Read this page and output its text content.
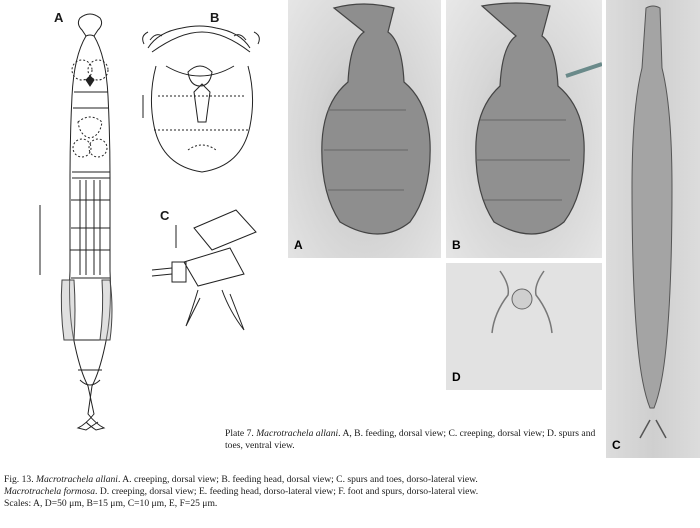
A	B
C
A	B
D
C
Plate 7. Macrotrachela allani. A, B. feeding, dorsal view; C. creeping, dorsal view; D. spurs and toes, ventral view.
Fig. 13. Macrotrachela allani. A. creeping, dorsal view; B. feeding head, dorsal view; C. spurs and toes, dorso-lateral view. Macrotrachela formosa. D. creeping, dorsal view; E. feeding head, dorso-lateral view; F. foot and spurs, dorso-lateral view. Scales: A, D=50 μm, B=15 μm, C=10 μm, E, F=25 μm.
